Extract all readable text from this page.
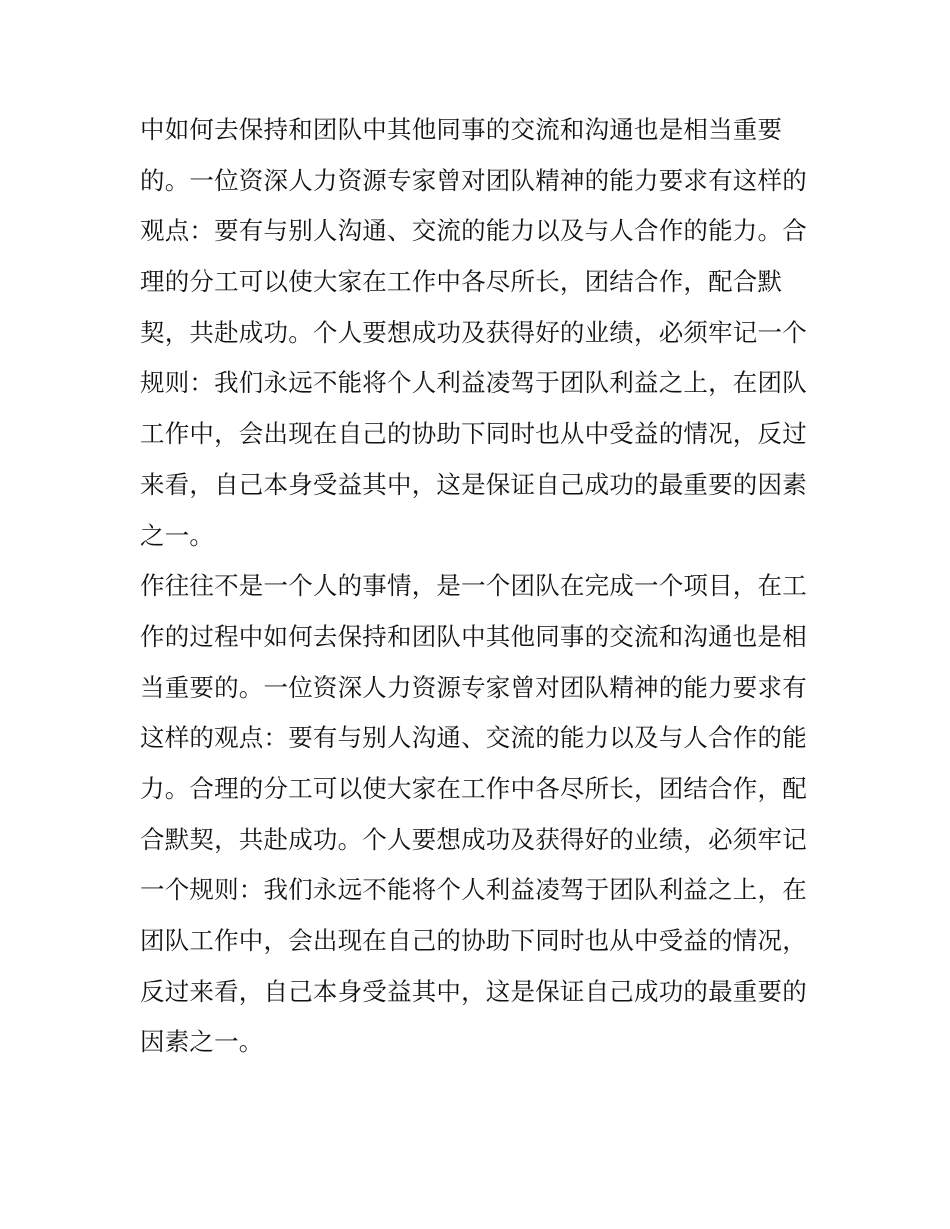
中如何去保持和团队中其他同事的交流和沟通也是相当重要
的。一位资深人力资源专家曾对团队精神的能力要求有这样的
观点：要有与别人沟通、交流的能力以及与人合作的能力。合
理的分工可以使大家在工作中各尽所长，团结合作，配合默
契，共赴成功。个人要想成功及获得好的业绩，必须牢记一个
规则：我们永远不能将个人利益凌驾于团队利益之上，在团队
工作中，会出现在自己的协助下同时也从中受益的情况，反过
来看，自己本身受益其中，这是保证自己成功的最重要的因素
之一。
作往往不是一个人的事情，是一个团队在完成一个项目，在工
作的过程中如何去保持和团队中其他同事的交流和沟通也是相
当重要的。一位资深人力资源专家曾对团队精神的能力要求有
这样的观点：要有与别人沟通、交流的能力以及与人合作的能
力。合理的分工可以使大家在工作中各尽所长，团结合作，配
合默契，共赴成功。个人要想成功及获得好的业绩，必须牢记
一个规则：我们永远不能将个人利益凌驾于团队利益之上，在
团队工作中，会出现在自己的协助下同时也从中受益的情况，
反过来看，自己本身受益其中，这是保证自己成功的最重要的
因素之一。
